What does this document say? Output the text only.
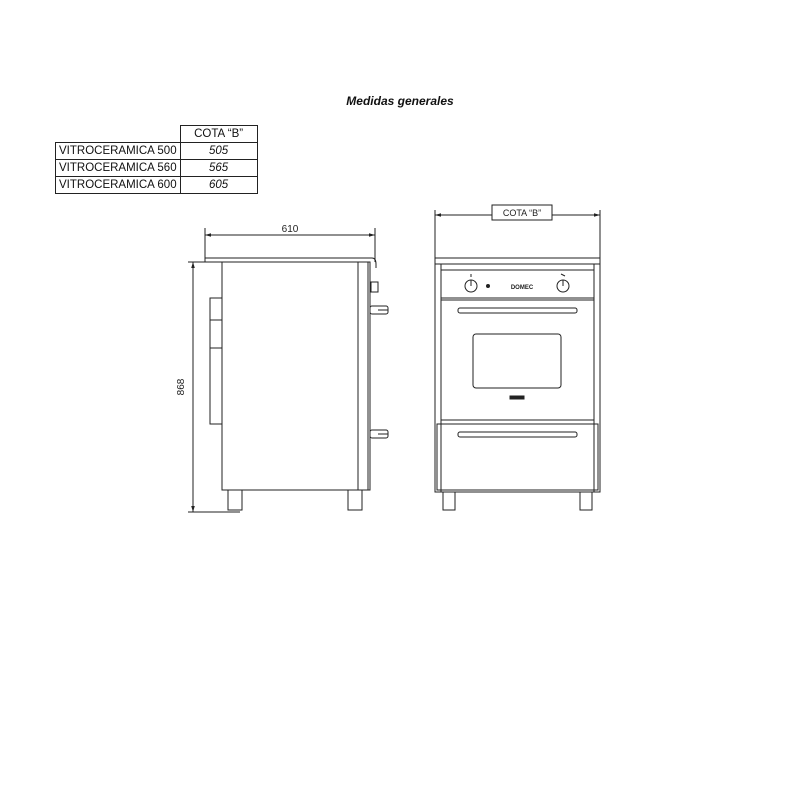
Medidas generales
	COTA “B”
VITROCERAMICA 500	505
VITROCERAMICA 560	565
VITROCERAMICA 600	605
610
868
COTA “B”
DOMEC
